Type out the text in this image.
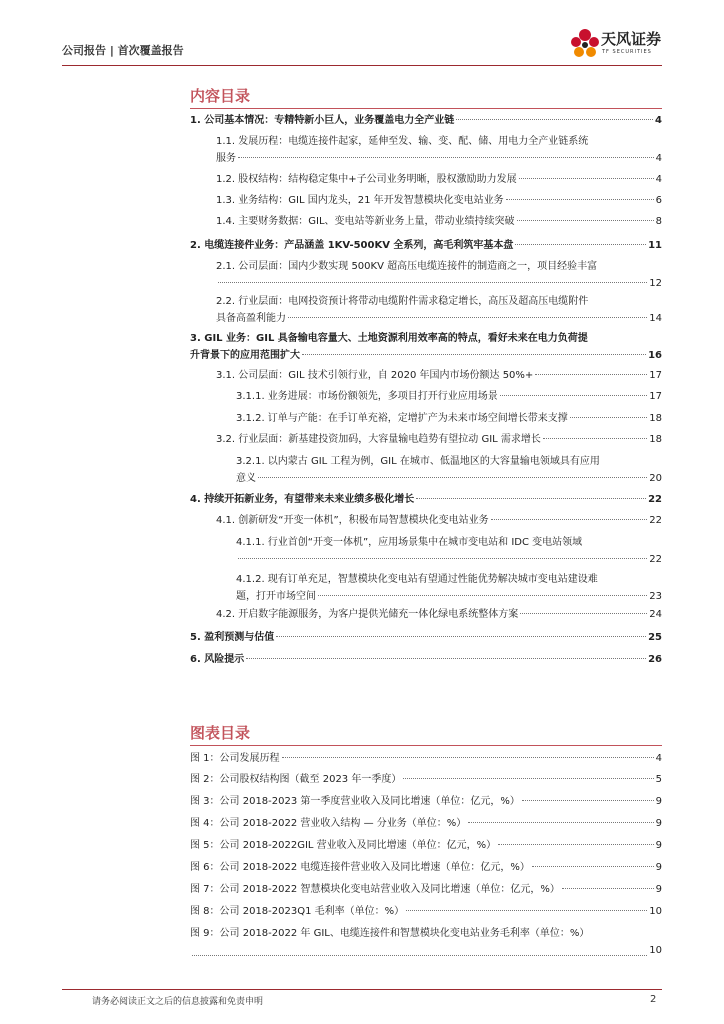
公司报告 | 首次覆盖报告
天风证券
TF SECURITIES
内容目录
1. 公司基本情况：专精特新小巨人，业务覆盖电力全产业链	4
1.1. 发展历程：电缆连接件起家，延伸至发、输、变、配、储、用电力全产业链系统
服务	4
1.2. 股权结构：结构稳定集中+子公司业务明晰，股权激励助力发展	4
1.3. 业务结构：GIL 国内龙头，21 年开发智慧模块化变电站业务	6
1.4. 主要财务数据：GIL、变电站等新业务上量，带动业绩持续突破	8
2. 电缆连接件业务：产品涵盖 1KV-500KV 全系列，高毛利筑牢基本盘	11
2.1. 公司层面：国内少数实现 500KV 超高压电缆连接件的制造商之一，项目经验丰富
12
2.2. 行业层面：电网投资预计将带动电缆附件需求稳定增长，高压及超高压电缆附件
具备高盈利能力	14
3. GIL 业务：GIL 具备输电容量大、土地资源利用效率高的特点，看好未来在电力负荷提
升背景下的应用范围扩大	16
3.1. 公司层面：GIL 技术引领行业，自 2020 年国内市场份额达 50%+	17
3.1.1. 业务进展：市场份额领先，多项目打开行业应用场景	17
3.1.2. 订单与产能：在手订单充裕，定增扩产为未来市场空间增长带来支撑	18
3.2. 行业层面：新基建投资加码，大容量输电趋势有望拉动 GIL 需求增长	18
3.2.1. 以内蒙古 GIL 工程为例，GIL 在城市、低温地区的大容量输电领域具有应用
意义	20
4. 持续开拓新业务，有望带来未来业绩多极化增长	22
4.1. 创新研发“开变一体机”，积极布局智慧模块化变电站业务	22
4.1.1. 行业首创“开变一体机”，应用场景集中在城市变电站和 IDC 变电站领域
22
4.1.2. 现有订单充足，智慧模块化变电站有望通过性能优势解决城市变电站建设难
题，打开市场空间	23
4.2. 开启数字能源服务，为客户提供光储充一体化绿电系统整体方案	24
5. 盈利预测与估值	25
6. 风险提示	26
图表目录
图 1：公司发展历程	4
图 2：公司股权结构图（截至 2023 年一季度）	5
图 3：公司 2018-2023 第一季度营业收入及同比增速（单位：亿元，%）	9
图 4：公司 2018-2022 营业收入结构 — 分业务（单位：%）	9
图 5：公司 2018-2022GIL 营业收入及同比增速（单位：亿元，%）	9
图 6：公司 2018-2022 电缆连接件营业收入及同比增速（单位：亿元，%）	9
图 7：公司 2018-2022 智慧模块化变电站营业收入及同比增速（单位：亿元，%）	9
图 8：公司 2018-2023Q1 毛利率（单位：%）	10
图 9：公司 2018-2022 年 GIL、电缆连接件和智慧模块化变电站业务毛利率（单位：%）
10
请务必阅读正文之后的信息披露和免责申明	2
